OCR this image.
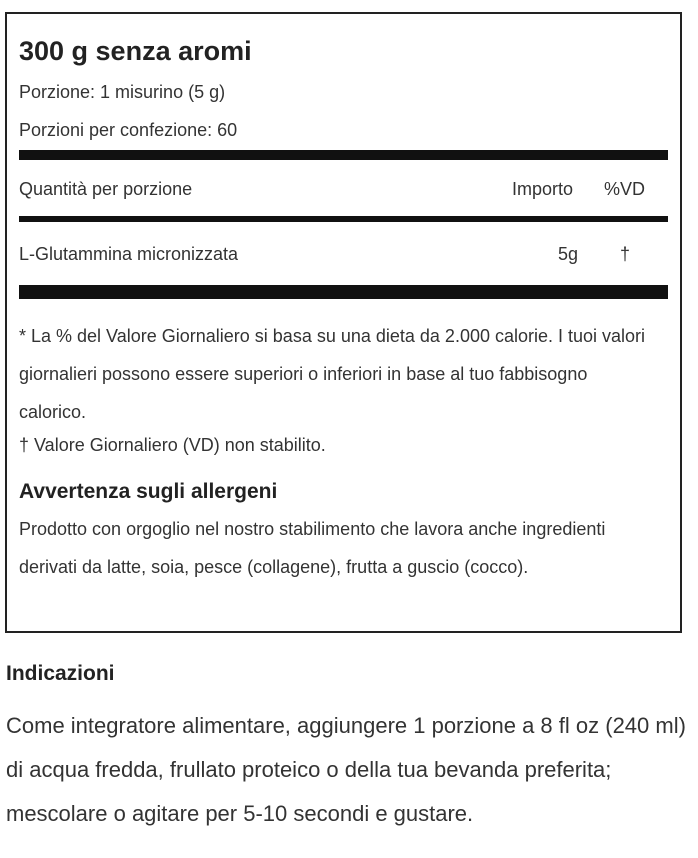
300 g senza aromi
Porzione: 1 misurino (5 g)
Porzioni per confezione: 60
Quantità per porzione	Importo %VD
L-Glutammina micronizzata	5g †
* La % del Valore Giornaliero si basa su una dieta da 2.000 calorie. I tuoi valori giornalieri possono essere superiori o inferiori in base al tuo fabbisogno calorico.
† Valore Giornaliero (VD) non stabilito.
Avvertenza sugli allergeni
Prodotto con orgoglio nel nostro stabilimento che lavora anche ingredienti derivati da latte, soia, pesce (collagene), frutta a guscio (cocco).
Indicazioni
Come integratore alimentare, aggiungere 1 porzione a 8 fl oz (240 ml) di acqua fredda, frullato proteico o della tua bevanda preferita; mescolare o agitare per 5-10 secondi e gustare.
